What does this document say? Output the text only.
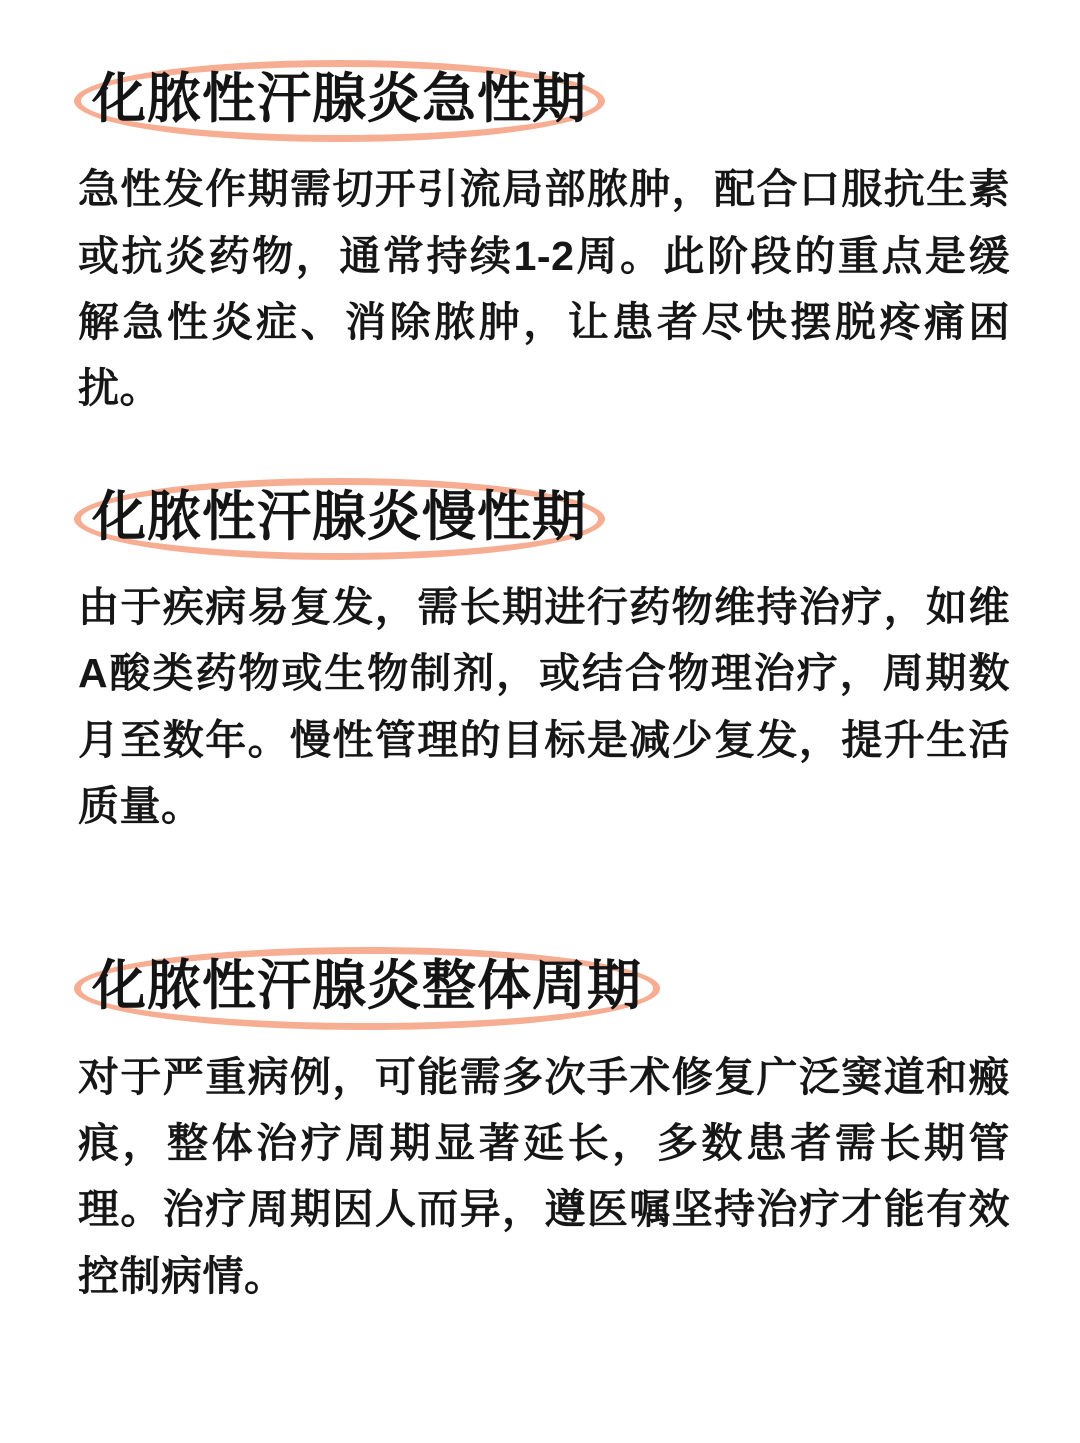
化脓性汗腺炎急性期

急性发作期需切开引流局部脓肿，配合口服抗生素或抗炎药物，通常持续1-2周。此阶段的重点是缓解急性炎症、消除脓肿，让患者尽快摆脱疼痛困扰。

化脓性汗腺炎慢性期

由于疾病易复发，需长期进行药物维持治疗，如维A酸类药物或生物制剂，或结合物理治疗，周期数月至数年。慢性管理的目标是减少复发，提升生活质量。

化脓性汗腺炎整体周期

对于严重病例，可能需多次手术修复广泛窦道和瘢痕，整体治疗周期显著延长，多数患者需长期管理。治疗周期因人而异，遵医嘱坚持治疗才能有效控制病情。
